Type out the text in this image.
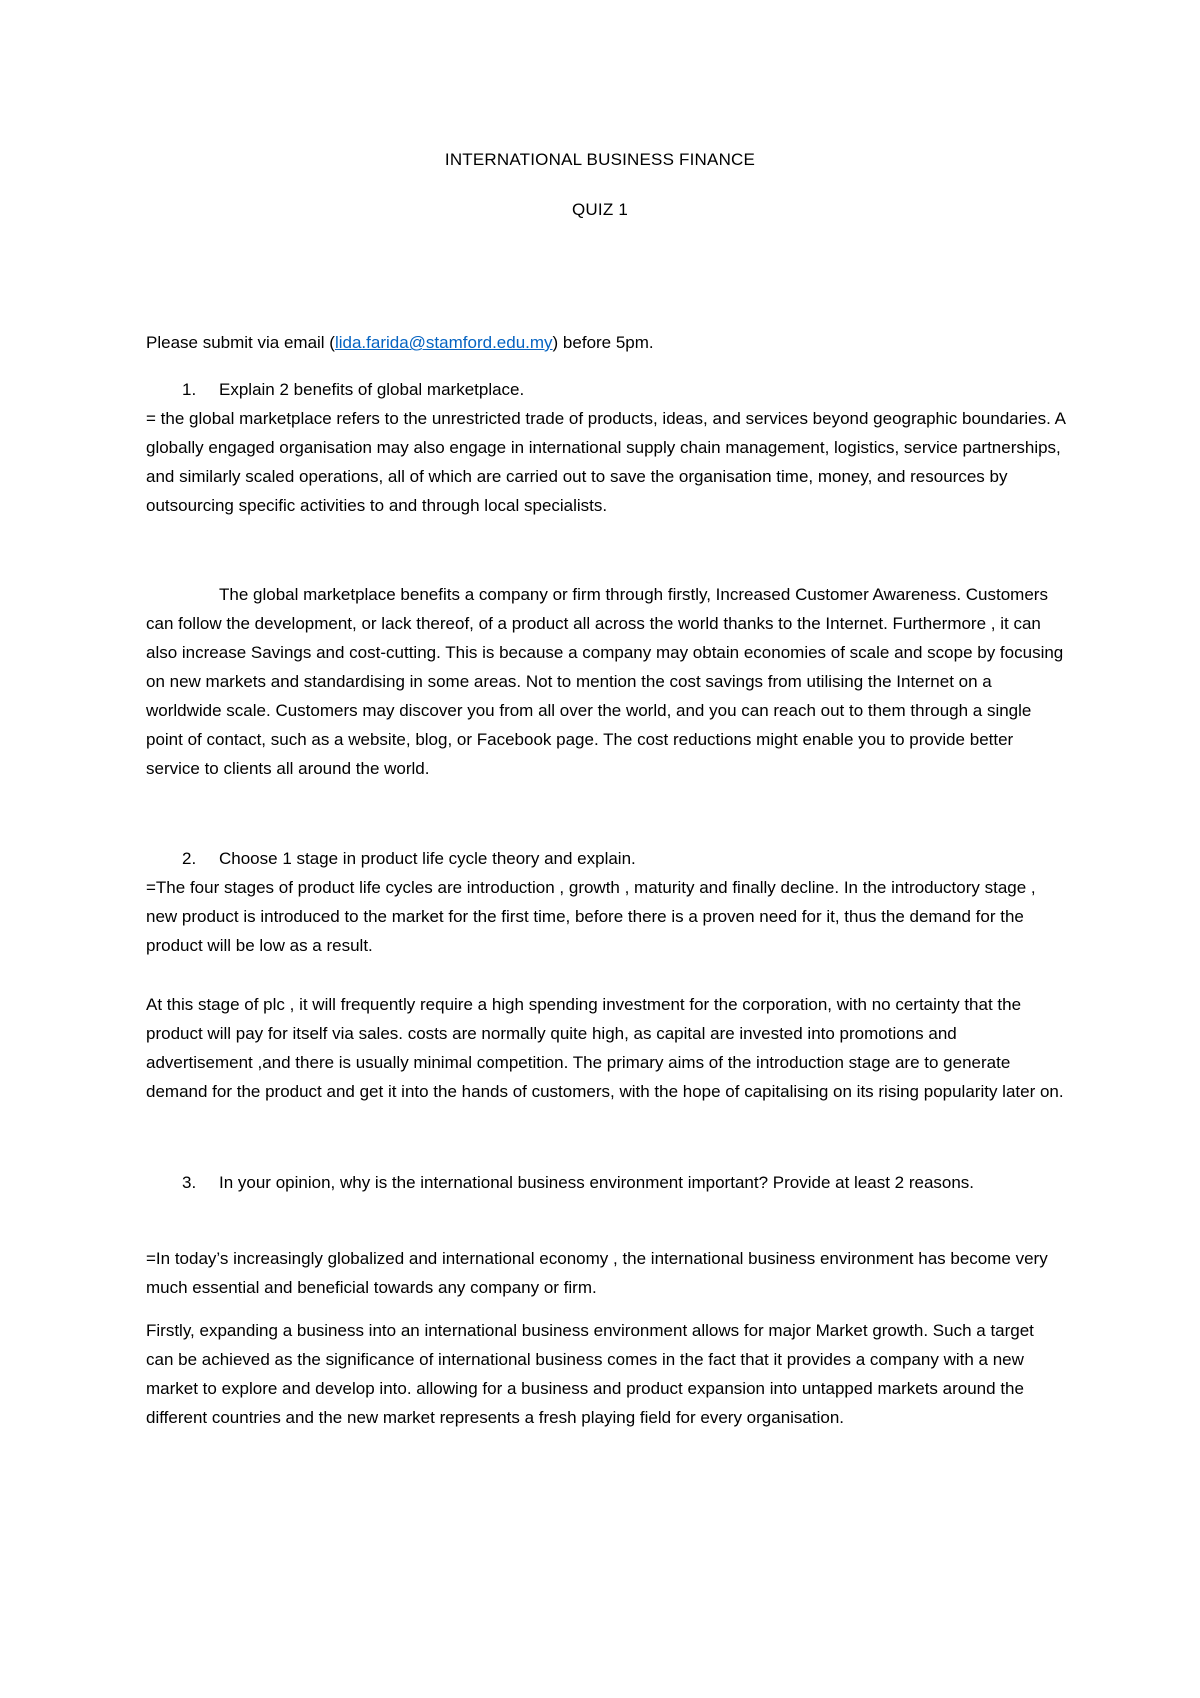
INTERNATIONAL BUSINESS FINANCE
QUIZ 1
Please submit via email (lida.farida@stamford.edu.my) before 5pm.
1. Explain 2 benefits of global marketplace.
= the global marketplace refers to the unrestricted trade of products, ideas, and services beyond geographic boundaries. A globally engaged organisation may also engage in international supply chain management, logistics, service partnerships, and similarly scaled operations, all of which are carried out to save the organisation time, money, and resources by outsourcing specific activities to and through local specialists.
The global marketplace benefits a company or firm through firstly, Increased Customer Awareness. Customers can follow the development, or lack thereof, of a product all across the world thanks to the Internet. Furthermore , it can also increase Savings and cost-cutting. This is because a company may obtain economies of scale and scope by focusing on new markets and standardising in some areas. Not to mention the cost savings from utilising the Internet on a worldwide scale. Customers may discover you from all over the world, and you can reach out to them through a single point of contact, such as a website, blog, or Facebook page. The cost reductions might enable you to provide better service to clients all around the world.
2. Choose 1 stage in product life cycle theory and explain.
=The four stages of product life cycles are introduction , growth , maturity and finally decline. In the introductory stage , new product is introduced to the market for the first time, before there is a proven need for it, thus the demand for the product will be low as a result.
At this stage of plc , it will frequently require a high spending investment for the corporation, with no certainty that the product will pay for itself via sales. costs are normally quite high, as capital are invested into promotions and advertisement ,and there is usually minimal competition. The primary aims of the introduction stage are to generate demand for the product and get it into the hands of customers, with the hope of capitalising on its rising popularity later on.
3. In your opinion, why is the international business environment important? Provide at least 2 reasons.
=In today’s increasingly globalized and international economy , the international business environment has become very much essential and beneficial towards any company or firm.
Firstly, expanding a business into an international business environment allows for major Market growth. Such a target can be achieved as the significance of international business comes in the fact that it provides a company with a new market to explore and develop into. allowing for a business and product expansion into untapped markets around the different countries and the new market represents a fresh playing field for every organisation.
